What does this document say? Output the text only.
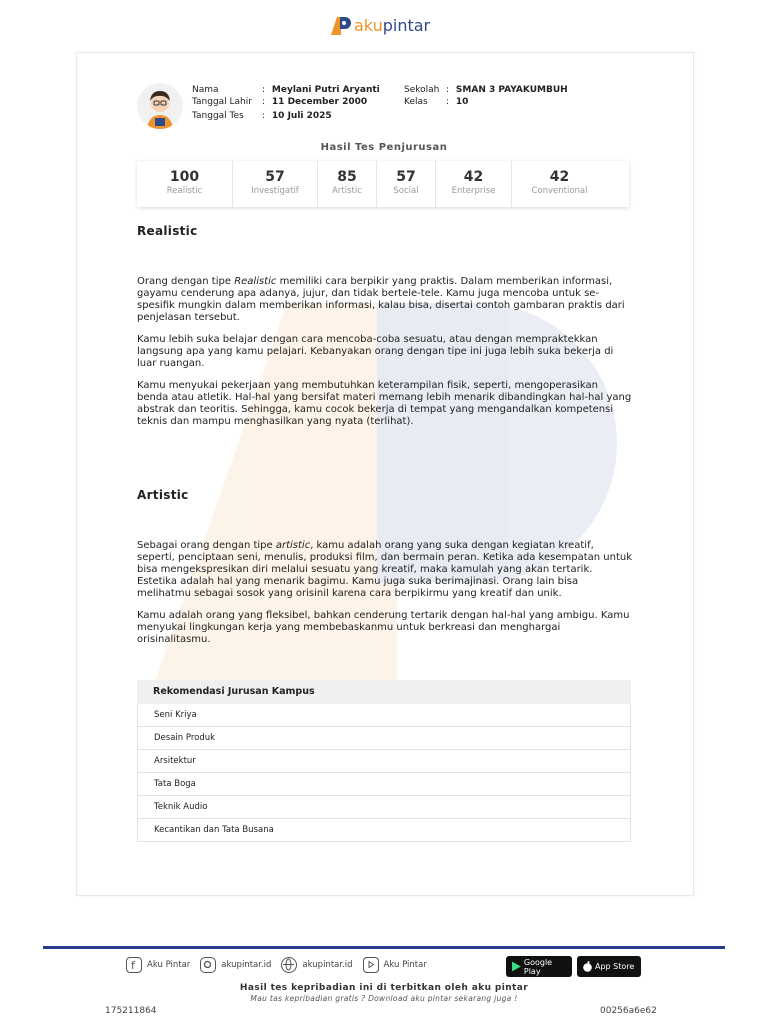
akupintar
Nama	: Meylani Putri Aryanti
Tanggal Lahir : 11 December 2000
Tanggal Tes : 10 Juli 2025
Sekolah : SMAN 3 PAYAKUMBUH
Kelas : 10
Hasil Tes Penjurusan
100
Realistic
57
Investigatif
85
Artistic
57
Social
42
Enterprise
42
Conventional
Realistic

Orang dengan tipe Realistic memiliki cara berpikir yang praktis. Dalam memberikan informasi, gayamu cenderung apa adanya, jujur, dan tidak bertele-tele. Kamu juga mencoba untuk se-spesifik mungkin dalam memberikan informasi, kalau bisa, disertai contoh gambaran praktis dari penjelasan tersebut.

Kamu lebih suka belajar dengan cara mencoba-coba sesuatu, atau dengan mempraktekkan langsung apa yang kamu pelajari. Kebanyakan orang dengan tipe ini juga lebih suka bekerja di luar ruangan.

Kamu menyukai pekerjaan yang membutuhkan keterampilan fisik, seperti, mengoperasikan benda atau atletik. Hal-hal yang bersifat materi memang lebih menarik dibandingkan hal-hal yang abstrak dan teoritis. Sehingga, kamu cocok bekerja di tempat yang mengandalkan kompetensi teknis dan mampu menghasilkan yang nyata (terlihat).

Artistic

Sebagai orang dengan tipe artistic, kamu adalah orang yang suka dengan kegiatan kreatif, seperti, penciptaan seni, menulis, produksi film, dan bermain peran. Ketika ada kesempatan untuk bisa mengekspresikan diri melalui sesuatu yang kreatif, maka kamulah yang akan tertarik. Estetika adalah hal yang menarik bagimu. Kamu juga suka berimajinasi. Orang lain bisa melihatmu sebagai sosok yang orisinil karena cara berpikirmu yang kreatif dan unik.

Kamu adalah orang yang fleksibel, bahkan cenderung tertarik dengan hal-hal yang ambigu. Kamu menyukai lingkungan kerja yang membebaskanmu untuk berkreasi dan menghargai orisinalitasmu.

Rekomendasi Jurusan Kampus
Seni Kriya
Desain Produk
Arsitektur
Tata Boga
Teknik Audio
Kecantikan dan Tata Busana
f Aku Pintar	akupintar.id	akupintar.id	Aku Pintar	Google Play	App Store
Hasil tes kepribadian ini di terbitkan oleh aku pintar
Mau tas kepribadian gratis ? Download aku pintar sekarang juga !
175211864	00256a6e62
